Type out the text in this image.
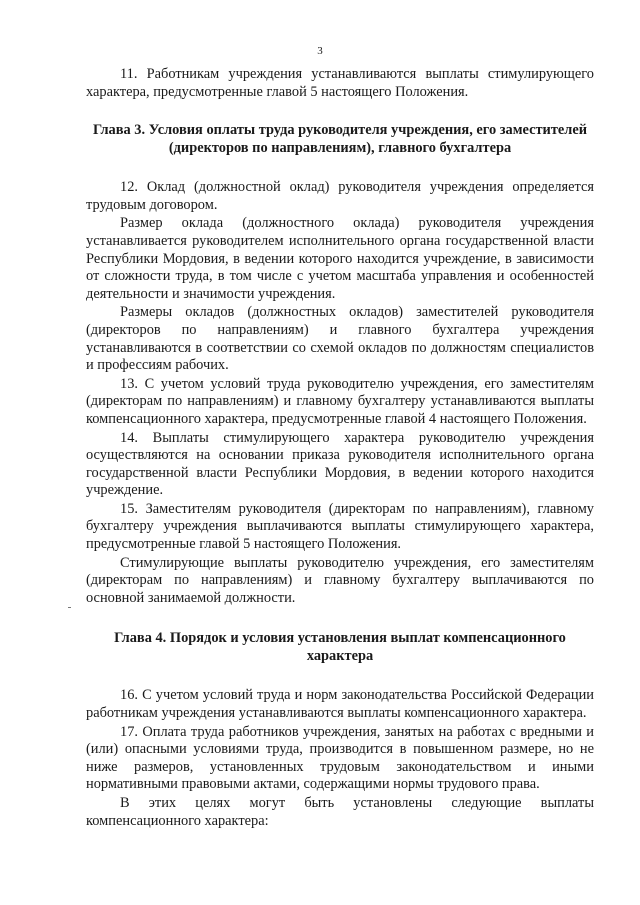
3

11. Работникам учреждения устанавливаются выплаты стимулирующего характера, предусмотренные главой 5 настоящего Положения.

Глава 3. Условия оплаты труда руководителя учреждения, его заместителей (директоров по направлениям), главного бухгалтера

12. Оклад (должностной оклад) руководителя учреждения определяется трудовым договором.

Размер оклада (должностного оклада) руководителя учреждения устанавливается руководителем исполнительного органа государственной власти Республики Мордовия, в ведении которого находится учреждение, в зависимости от сложности труда, в том числе с учетом масштаба управления и особенностей деятельности и значимости учреждения.

Размеры окладов (должностных окладов) заместителей руководителя (директоров по направлениям) и главного бухгалтера учреждения устанавливаются в соответствии со схемой окладов по должностям специалистов и профессиям рабочих.

13. С учетом условий труда руководителю учреждения, его заместителям (директорам по направлениям) и главному бухгалтеру устанавливаются выплаты компенсационного характера, предусмотренные главой 4 настоящего Положения.

14. Выплаты стимулирующего характера руководителю учреждения осуществляются на основании приказа руководителя исполнительного органа государственной власти Республики Мордовия, в ведении которого находится учреждение.

15. Заместителям руководителя (директорам по направлениям), главному бухгалтеру учреждения выплачиваются выплаты стимулирующего характера, предусмотренные главой 5 настоящего Положения.

Стимулирующие выплаты руководителю учреждения, его заместителям (директорам по направлениям) и главному бухгалтеру выплачиваются по основной занимаемой должности.

Глава 4. Порядок и условия установления выплат компенсационного характера

16. С учетом условий труда и норм законодательства Российской Федерации работникам учреждения устанавливаются выплаты компенсационного характера.

17. Оплата труда работников учреждения, занятых на работах с вредными и (или) опасными условиями труда, производится в повышенном размере, но не ниже размеров, установленных трудовым законодательством и иными нормативными правовыми актами, содержащими нормы трудового права.

В этих целях могут быть установлены следующие выплаты компенсационного характера:
